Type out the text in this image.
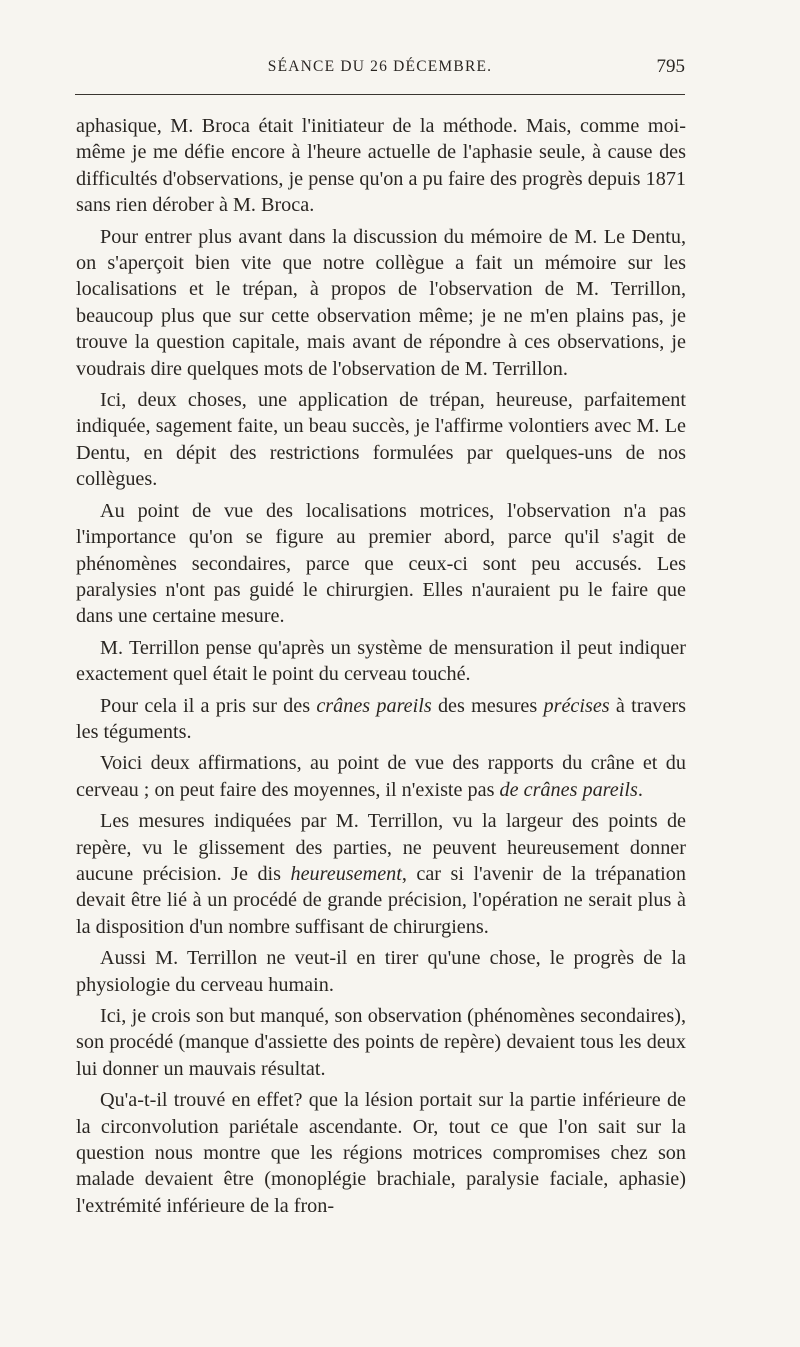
SÉANCE DU 26 DÉCEMBRE.	795

aphasique, M. Broca était l'initiateur de la méthode. Mais, comme moi-même je me défie encore à l'heure actuelle de l'aphasie seule, à cause des difficultés d'observations, je pense qu'on a pu faire des progrès depuis 1871 sans rien dérober à M. Broca.

Pour entrer plus avant dans la discussion du mémoire de M. Le Dentu, on s'aperçoit bien vite que notre collègue a fait un mémoire sur les localisations et le trépan, à propos de l'observation de M. Terrillon, beaucoup plus que sur cette observation même; je ne m'en plains pas, je trouve la question capitale, mais avant de répondre à ces observations, je voudrais dire quelques mots de l'observation de M. Terrillon.

Ici, deux choses, une application de trépan, heureuse, parfaitement indiquée, sagement faite, un beau succès, je l'affirme volontiers avec M. Le Dentu, en dépit des restrictions formulées par quelques-uns de nos collègues.

Au point de vue des localisations motrices, l'observation n'a pas l'importance qu'on se figure au premier abord, parce qu'il s'agit de phénomènes secondaires, parce que ceux-ci sont peu accusés. Les paralysies n'ont pas guidé le chirurgien. Elles n'auraient pu le faire que dans une certaine mesure.

M. Terrillon pense qu'après un système de mensuration il peut indiquer exactement quel était le point du cerveau touché.

Pour cela il a pris sur des crânes pareils des mesures précises à travers les téguments.

Voici deux affirmations, au point de vue des rapports du crâne et du cerveau ; on peut faire des moyennes, il n'existe pas de crânes pareils.

Les mesures indiquées par M. Terrillon, vu la largeur des points de repère, vu le glissement des parties, ne peuvent heureusement donner aucune précision. Je dis heureusement, car si l'avenir de la trépanation devait être lié à un procédé de grande précision, l'opération ne serait plus à la disposition d'un nombre suffisant de chirurgiens.

Aussi M. Terrillon ne veut-il en tirer qu'une chose, le progrès de la physiologie du cerveau humain.

Ici, je crois son but manqué, son observation (phénomènes secondaires), son procédé (manque d'assiette des points de repère) devaient tous les deux lui donner un mauvais résultat.

Qu'a-t-il trouvé en effet? que la lésion portait sur la partie inférieure de la circonvolution pariétale ascendante. Or, tout ce que l'on sait sur la question nous montre que les régions motrices compromises chez son malade devaient être (monoplégie brachiale, paralysie faciale, aphasie) l'extrémité inférieure de la fron-
